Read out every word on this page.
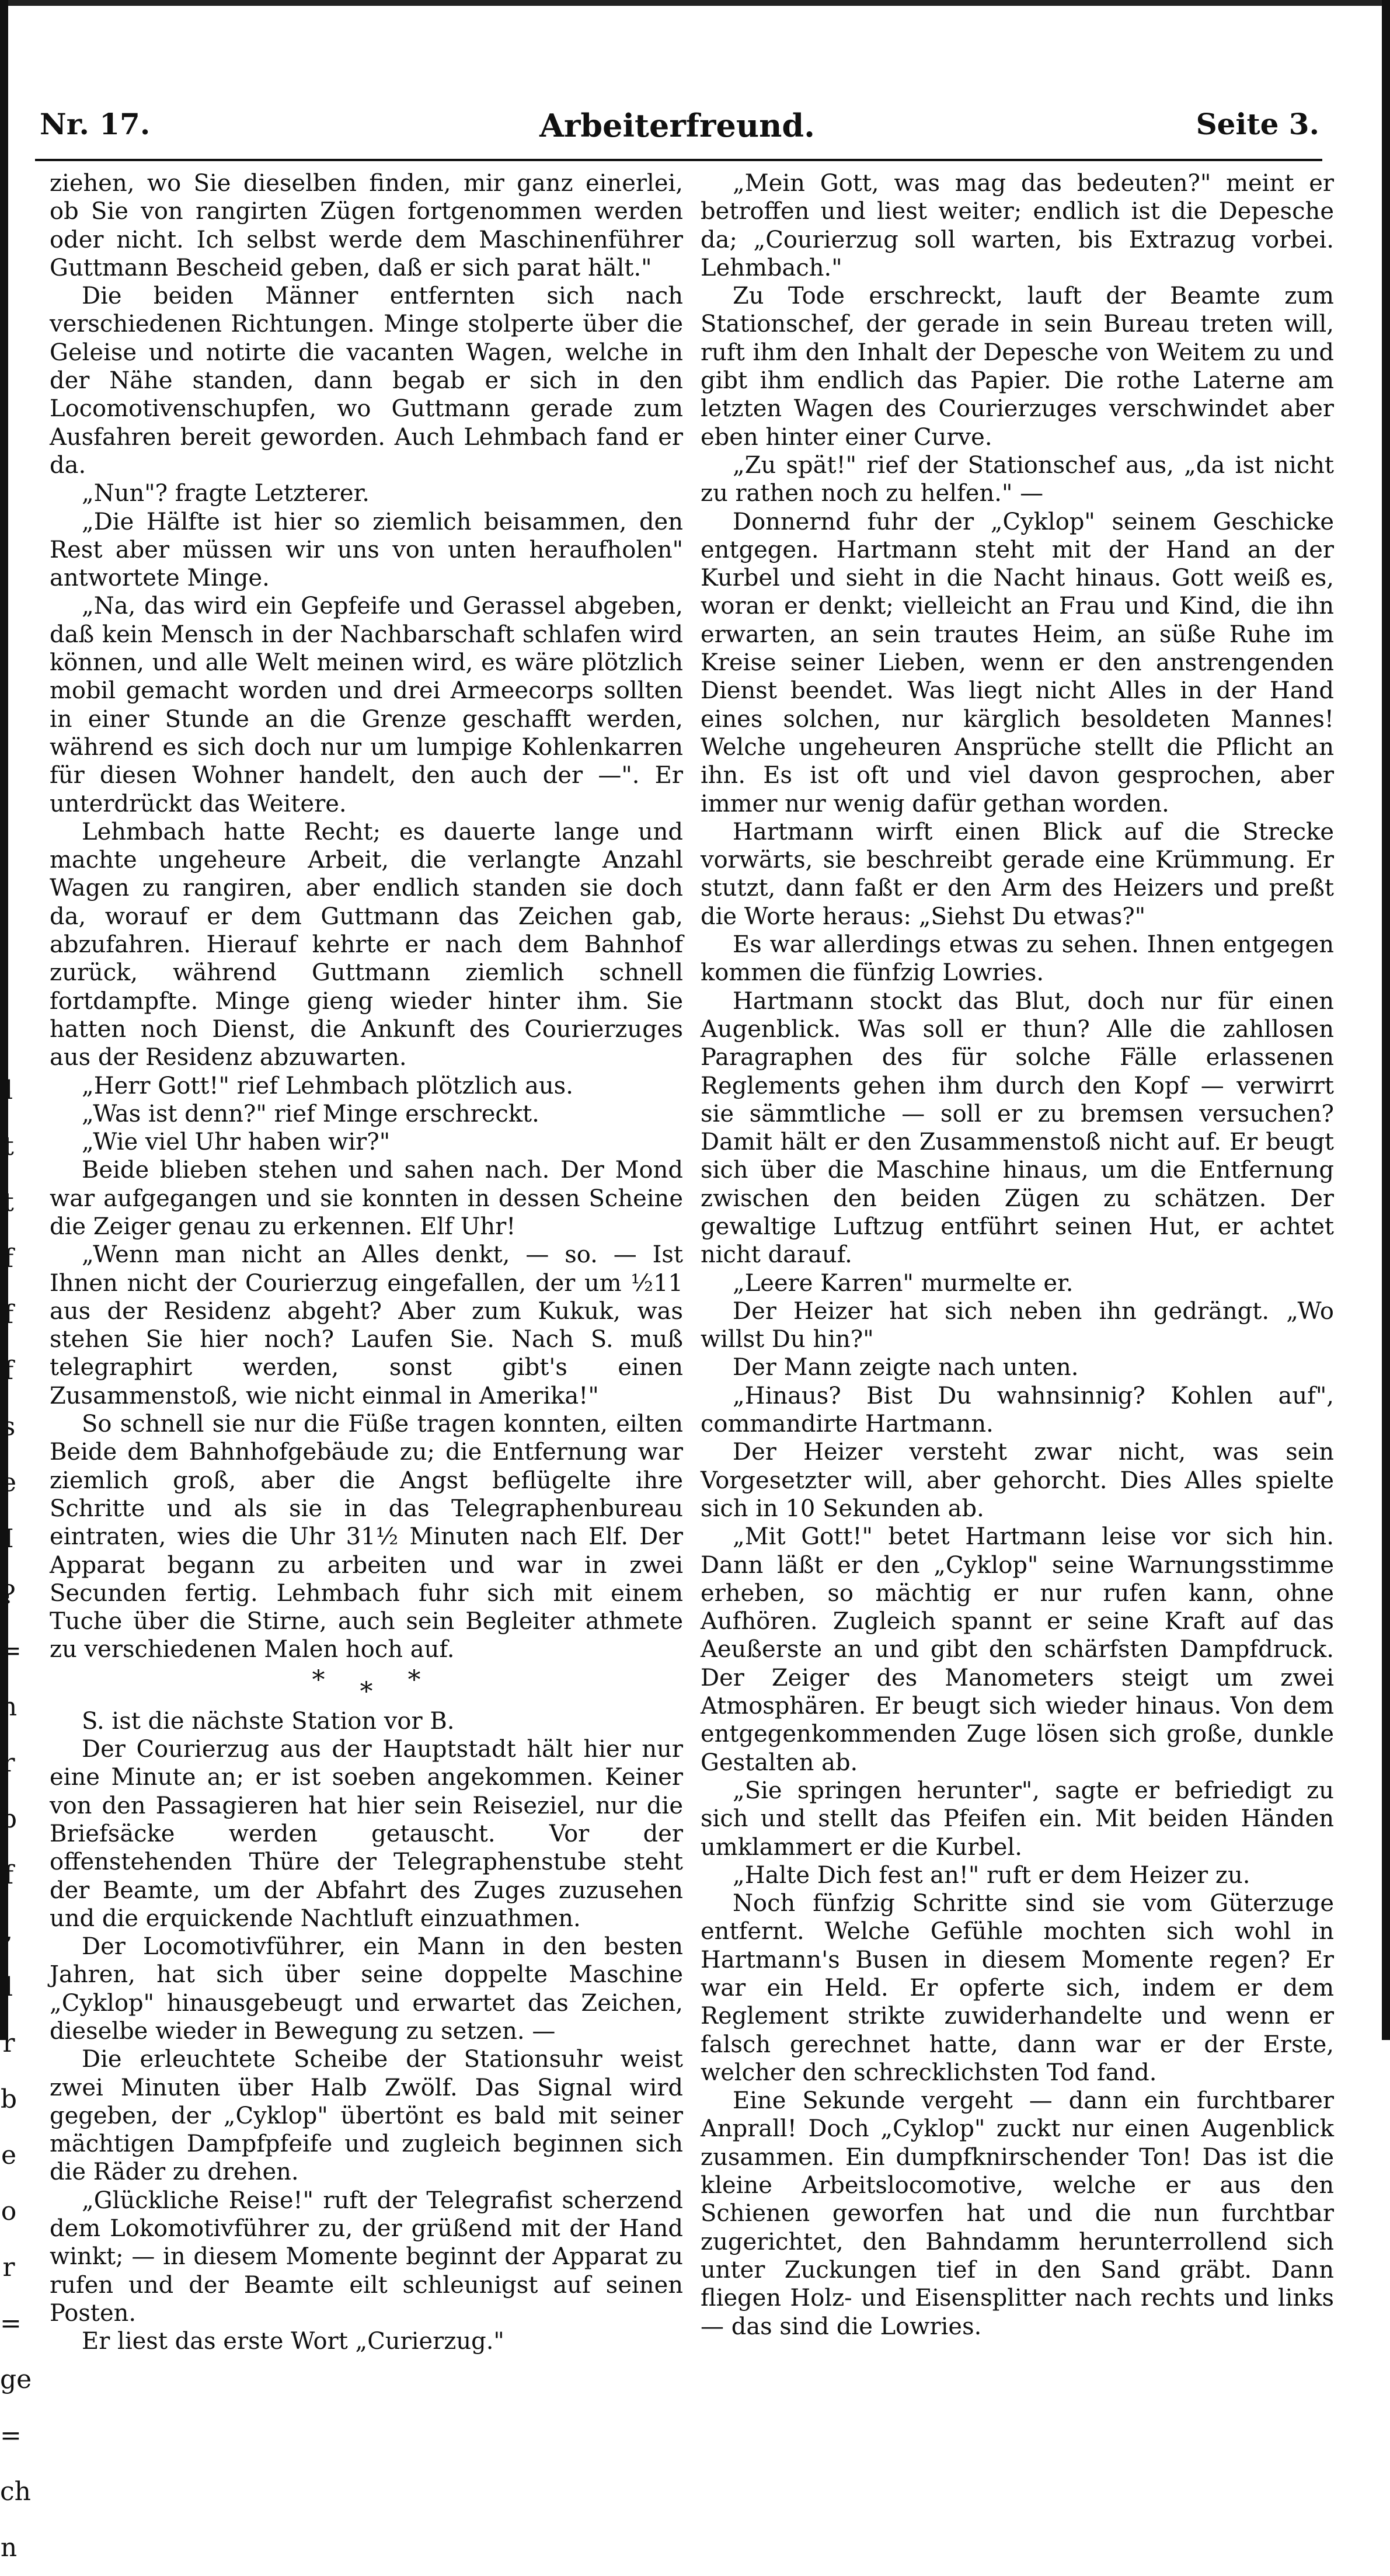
l
t
t
f
f
f
s
e
I
?
=
n
r
b
f
,
l
r
b
e
o
r
=
ge
=
ch
n
Nr. 17.	Arbeiterfreund.	Seite 3.

ziehen, wo Sie dieselben finden, mir ganz einerlei, ob Sie von rangirten Zügen fortgenommen werden oder nicht. Ich selbst werde dem Maschinenführer Guttmann Bescheid geben, daß er sich parat hält."

Die beiden Männer entfernten sich nach verschiedenen Richtungen. Minge stolperte über die Geleise und notirte die vacanten Wagen, welche in der Nähe standen, dann begab er sich in den Locomotivenschupfen, wo Guttmann gerade zum Ausfahren bereit geworden. Auch Lehmbach fand er da.

„Nun"? fragte Letzterer.

„Die Hälfte ist hier so ziemlich beisammen, den Rest aber müssen wir uns von unten heraufholen" antwortete Minge.

„Na, das wird ein Gepfeife und Gerassel abgeben, daß kein Mensch in der Nachbarschaft schlafen wird können, und alle Welt meinen wird, es wäre plötzlich mobil gemacht worden und drei Armeecorps sollten in einer Stunde an die Grenze geschafft werden, während es sich doch nur um lumpige Kohlenkarren für diesen Wohner handelt, den auch der —". Er unterdrückt das Weitere.

Lehmbach hatte Recht; es dauerte lange und machte ungeheure Arbeit, die verlangte Anzahl Wagen zu rangiren, aber endlich standen sie doch da, worauf er dem Guttmann das Zeichen gab, abzufahren. Hierauf kehrte er nach dem Bahnhof zurück, während Guttmann ziemlich schnell fortdampfte. Minge gieng wieder hinter ihm. Sie hatten noch Dienst, die Ankunft des Courierzuges aus der Residenz abzuwarten.

„Herr Gott!" rief Lehmbach plötzlich aus.

„Was ist denn?" rief Minge erschreckt.

„Wie viel Uhr haben wir?"

Beide blieben stehen und sahen nach. Der Mond war aufgegangen und sie konnten in dessen Scheine die Zeiger genau zu erkennen. Elf Uhr!

„Wenn man nicht an Alles denkt, — so. — Ist Ihnen nicht der Courierzug eingefallen, der um ½11 aus der Residenz abgeht? Aber zum Kukuk, was stehen Sie hier noch? Laufen Sie. Nach S. muß telegraphirt werden, sonst gibt's einen Zusammenstoß, wie nicht einmal in Amerika!"

So schnell sie nur die Füße tragen konnten, eilten Beide dem Bahnhofgebäude zu; die Entfernung war ziemlich groß, aber die Angst beflügelte ihre Schritte und als sie in das Telegraphenbureau eintraten, wies die Uhr 31½ Minuten nach Elf. Der Apparat begann zu arbeiten und war in zwei Secunden fertig. Lehmbach fuhr sich mit einem Tuche über die Stirne, auch sein Begleiter athmete zu verschiedenen Malen hoch auf.

***

S. ist die nächste Station vor B.

Der Courierzug aus der Hauptstadt hält hier nur eine Minute an; er ist soeben angekommen. Keiner von den Passagieren hat hier sein Reiseziel, nur die Briefsäcke werden getauscht. Vor der offenstehenden Thüre der Telegraphenstube steht der Beamte, um der Abfahrt des Zuges zuzusehen und die erquickende Nachtluft einzuathmen.

Der Locomotivführer, ein Mann in den besten Jahren, hat sich über seine doppelte Maschine „Cyklop" hinausgebeugt und erwartet das Zeichen, dieselbe wieder in Bewegung zu setzen. —

Die erleuchtete Scheibe der Stationsuhr weist zwei Minuten über Halb Zwölf. Das Signal wird gegeben, der „Cyklop" übertönt es bald mit seiner mächtigen Dampfpfeife und zugleich beginnen sich die Räder zu drehen.

„Glückliche Reise!" ruft der Telegrafist scherzend dem Lokomotivführer zu, der grüßend mit der Hand winkt; — in diesem Momente beginnt der Apparat zu rufen und der Beamte eilt schleunigst auf seinen Posten.

Er liest das erste Wort „Curierzug."

„Mein Gott, was mag das bedeuten?" meint er betroffen und liest weiter; endlich ist die Depesche da; „Courierzug soll warten, bis Extrazug vorbei. Lehmbach."

Zu Tode erschreckt, lauft der Beamte zum Stationschef, der gerade in sein Bureau treten will, ruft ihm den Inhalt der Depesche von Weitem zu und gibt ihm endlich das Papier. Die rothe Laterne am letzten Wagen des Courierzuges verschwindet aber eben hinter einer Curve.

„Zu spät!" rief der Stationschef aus, „da ist nicht zu rathen noch zu helfen." —

Donnernd fuhr der „Cyklop" seinem Geschicke entgegen. Hartmann steht mit der Hand an der Kurbel und sieht in die Nacht hinaus. Gott weiß es, woran er denkt; vielleicht an Frau und Kind, die ihn erwarten, an sein trautes Heim, an süße Ruhe im Kreise seiner Lieben, wenn er den anstrengenden Dienst beendet. Was liegt nicht Alles in der Hand eines solchen, nur kärglich besoldeten Mannes! Welche ungeheuren Ansprüche stellt die Pflicht an ihn. Es ist oft und viel davon gesprochen, aber immer nur wenig dafür gethan worden.

Hartmann wirft einen Blick auf die Strecke vorwärts, sie beschreibt gerade eine Krümmung. Er stutzt, dann faßt er den Arm des Heizers und preßt die Worte heraus: „Siehst Du etwas?"

Es war allerdings etwas zu sehen. Ihnen entgegen kommen die fünfzig Lowries.

Hartmann stockt das Blut, doch nur für einen Augenblick. Was soll er thun? Alle die zahllosen Paragraphen des für solche Fälle erlassenen Reglements gehen ihm durch den Kopf — verwirrt sie sämmtliche — soll er zu bremsen versuchen? Damit hält er den Zusammenstoß nicht auf. Er beugt sich über die Maschine hinaus, um die Entfernung zwischen den beiden Zügen zu schätzen. Der gewaltige Luftzug entführt seinen Hut, er achtet nicht darauf.

„Leere Karren" murmelte er.

Der Heizer hat sich neben ihn gedrängt. „Wo willst Du hin?"

Der Mann zeigte nach unten.

„Hinaus? Bist Du wahnsinnig? Kohlen auf", commandirte Hartmann.

Der Heizer versteht zwar nicht, was sein Vorgesetzter will, aber gehorcht. Dies Alles spielte sich in 10 Sekunden ab.

„Mit Gott!" betet Hartmann leise vor sich hin. Dann läßt er den „Cyklop" seine Warnungsstimme erheben, so mächtig er nur rufen kann, ohne Aufhören. Zugleich spannt er seine Kraft auf das Aeußerste an und gibt den schärfsten Dampfdruck. Der Zeiger des Manometers steigt um zwei Atmosphären. Er beugt sich wieder hinaus. Von dem entgegenkommenden Zuge lösen sich große, dunkle Gestalten ab.

„Sie springen herunter", sagte er befriedigt zu sich und stellt das Pfeifen ein. Mit beiden Händen umklammert er die Kurbel.

„Halte Dich fest an!" ruft er dem Heizer zu.

Noch fünfzig Schritte sind sie vom Güterzuge entfernt. Welche Gefühle mochten sich wohl in Hartmann's Busen in diesem Momente regen? Er war ein Held. Er opferte sich, indem er dem Reglement strikte zuwiderhandelte und wenn er falsch gerechnet hatte, dann war er der Erste, welcher den schrecklichsten Tod fand.

Eine Sekunde vergeht — dann ein furchtbarer Anprall! Doch „Cyklop" zuckt nur einen Augenblick zusammen. Ein dumpfknirschender Ton! Das ist die kleine Arbeitslocomotive, welche er aus den Schienen geworfen hat und die nun furchtbar zugerichtet, den Bahndamm herunterrollend sich unter Zuckungen tief in den Sand gräbt. Dann fliegen Holz- und Eisensplitter nach rechts und links — das sind die Lowries.
